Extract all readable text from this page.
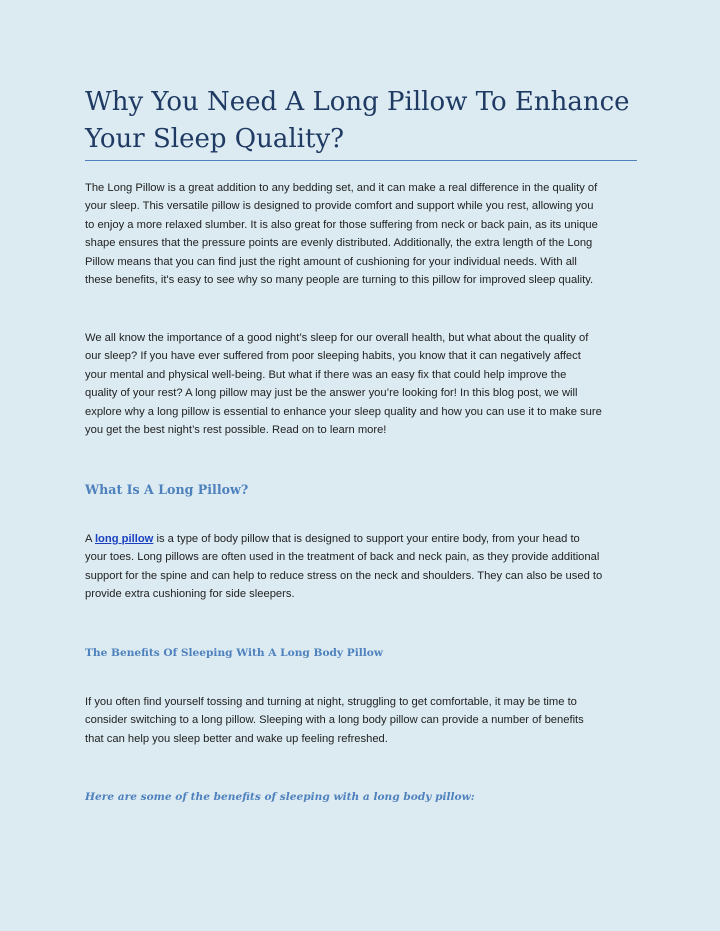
Why You Need A Long Pillow To Enhance Your Sleep Quality?

The Long Pillow is a great addition to any bedding set, and it can make a real difference in the quality of
your sleep. This versatile pillow is designed to provide comfort and support while you rest, allowing you
to enjoy a more relaxed slumber. It is also great for those suffering from neck or back pain, as its unique
shape ensures that the pressure points are evenly distributed. Additionally, the extra length of the Long
Pillow means that you can find just the right amount of cushioning for your individual needs. With all
these benefits, it's easy to see why so many people are turning to this pillow for improved sleep quality.

We all know the importance of a good night’s sleep for our overall health, but what about the quality of
our sleep? If you have ever suffered from poor sleeping habits, you know that it can negatively affect
your mental and physical well-being. But what if there was an easy fix that could help improve the
quality of your rest? A long pillow may just be the answer you’re looking for! In this blog post, we will
explore why a long pillow is essential to enhance your sleep quality and how you can use it to make sure
you get the best night’s rest possible. Read on to learn more!

What Is A Long Pillow?

A long pillow is a type of body pillow that is designed to support your entire body, from your head to
your toes. Long pillows are often used in the treatment of back and neck pain, as they provide additional
support for the spine and can help to reduce stress on the neck and shoulders. They can also be used to
provide extra cushioning for side sleepers.

The Benefits Of Sleeping With A Long Body Pillow

If you often find yourself tossing and turning at night, struggling to get comfortable, it may be time to
consider switching to a long pillow. Sleeping with a long body pillow can provide a number of benefits
that can help you sleep better and wake up feeling refreshed.

Here are some of the benefits of sleeping with a long body pillow:
